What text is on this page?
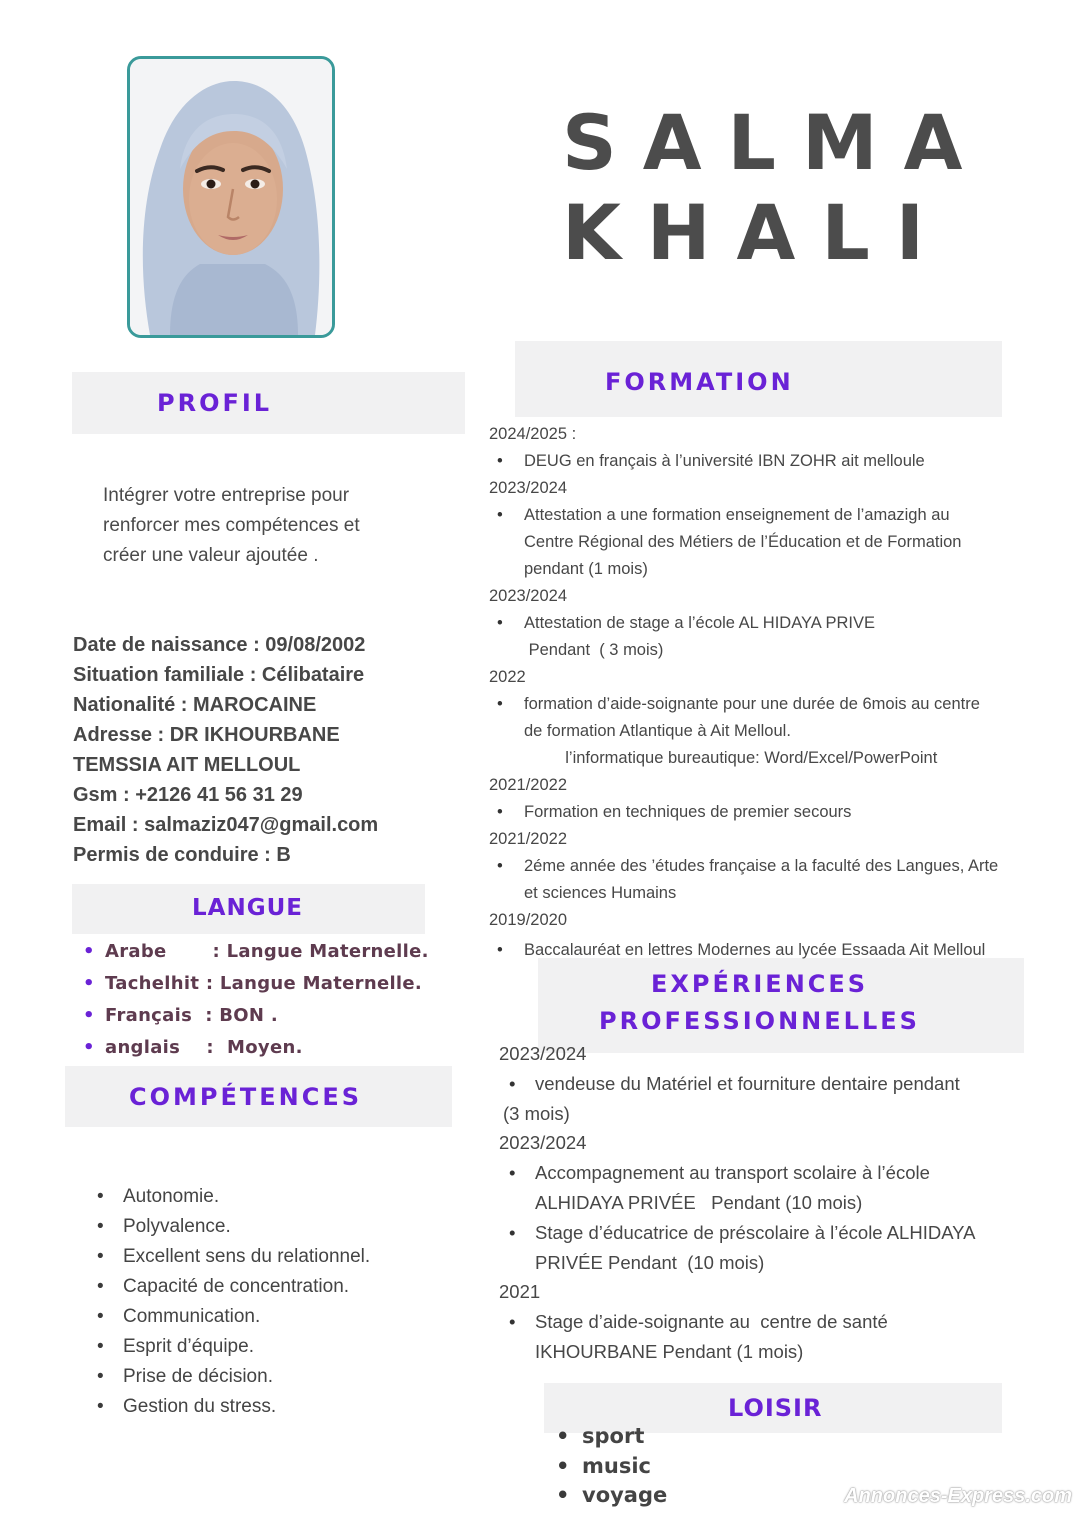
SALMA
KHALI
PROFIL
Intégrer votre entreprise pour
renforcer mes compétences et
créer une valeur ajoutée .
Date de naissance : 09/08/2002
Situation familiale : Célibataire
Nationalité : MAROCAINE
Adresse : DR IKHOURBANE
TEMSSIA AIT MELLOUL
Gsm : +2126 41 56 31 29
Email : salmaziz047@gmail.com
Permis de conduire : B
LANGUE
• Arabe       : Langue Maternelle.
• Tachelhit : Langue Maternelle.
• Français  : BON .
• anglais    :  Moyen.
COMPÉTENCES
• Autonomie.
• Polyvalence.
• Excellent sens du relationnel.
• Capacité de concentration.
• Communication.
• Esprit d’équipe.
• Prise de décision.
• Gestion du stress.
FORMATION
2024/2025 :
• DEUG en français à l’université IBN ZOHR ait melloule
2023/2024
• Attestation a une formation enseignement de l’amazigh au
Centre Régional des Métiers de l’Éducation et de Formation
pendant (1 mois)
2023/2024
• Attestation de stage a l’école AL HIDAYA PRIVE
Pendant  ( 3 mois)
2022
• formation d’aide-soignante pour une durée de 6mois au centre
de formation Atlantique à Ait Melloul.
l’informatique bureautique: Word/Excel/PowerPoint
2021/2022
• Formation en techniques de premier secours
2021/2022
• 2éme année des ’études française a la faculté des Langues, Arte
et sciences Humains
2019/2020
EXPÉRIENCES
PROFESSIONNELLES
• Baccalauréat en lettres Modernes au lycée Essaada Ait Melloul
2023/2024
• vendeuse du Matériel et fourniture dentaire pendant
(3 mois)
2023/2024
• Accompagnement au transport scolaire à l’école
ALHIDAYA PRIVÉE   Pendant (10 mois)
• Stage d’éducatrice de préscolaire à l’école ALHIDAYA
PRIVÉE Pendant  (10 mois)
2021
• Stage d’aide-soignante au  centre de santé
IKHOURBANE Pendant (1 mois)
LOISIR
• sport
• music
• voyage	Annonces-Express.com
